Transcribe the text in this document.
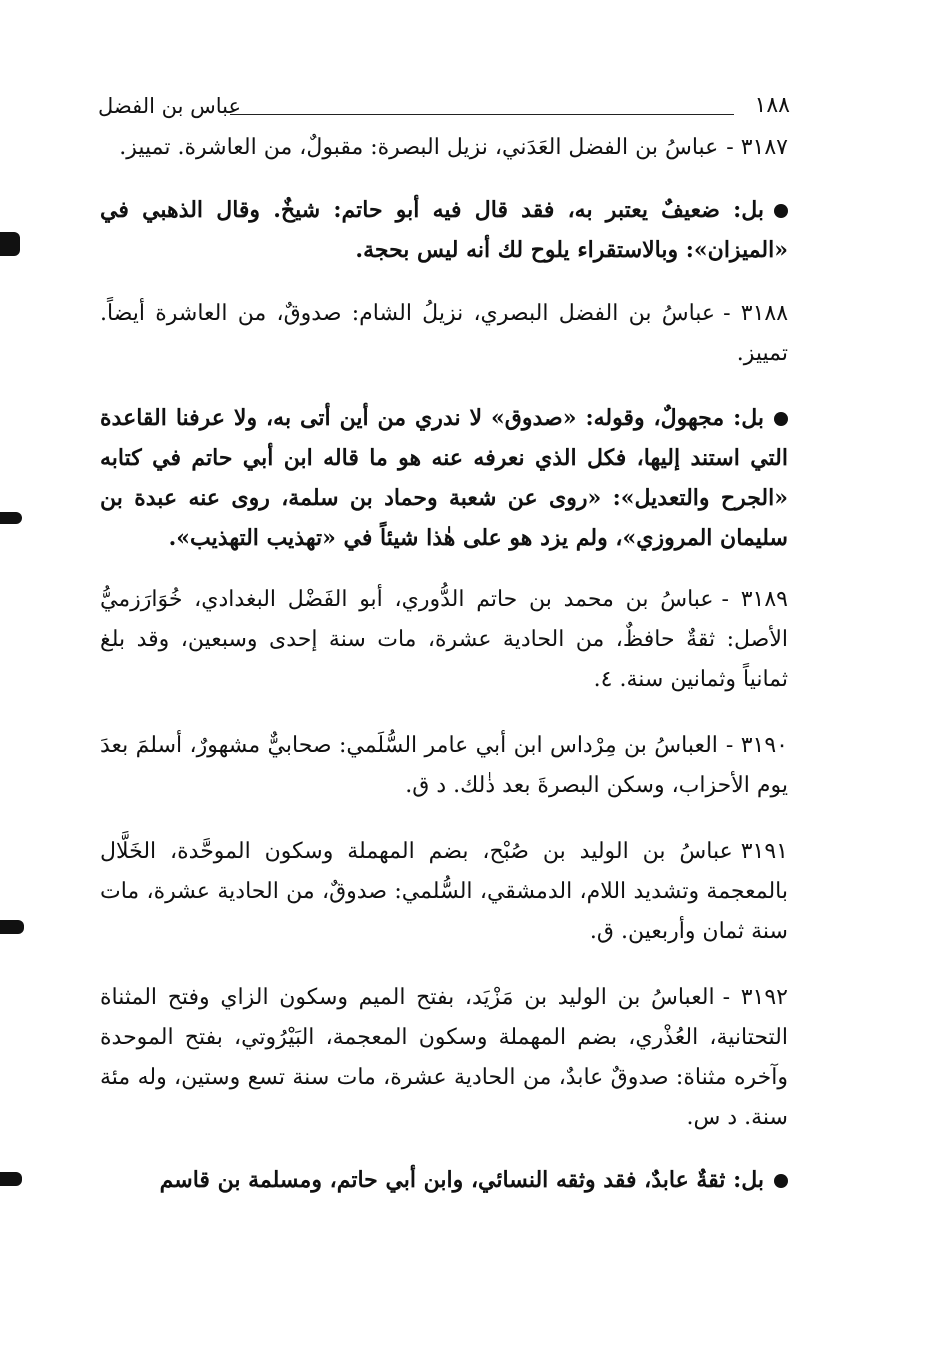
١٨٨
عباس بن الفضل

٣١٨٧ -عباسُ بن الفضل العَدَني، نزيل البصرة: مقبولٌ، من العاشرة. تمييز.

بل: ضعيفٌ يعتبر به، فقد قال فيه أبو حاتم: شيخٌ. وقال الذهبي في «الميزان»: وبالاستقراء يلوح لك أنه ليس بحجة.

٣١٨٨ -عباسُ بن الفضل البصري، نزيلُ الشام: صدوقٌ، من العاشرة أيضاً. تمييز.

بل: مجهولٌ، وقوله: «صدوق» لا ندري من أين أتى به، ولا عرفنا القاعدة التي استند إليها، فكل الذي نعرفه عنه هو ما قاله ابن أبي حاتم في كتابه «الجرح والتعديل»: «روى عن شعبة وحماد بن سلمة، روى عنه عبدة بن سليمان المروزي»، ولم يزد هو على هٰذا شيئاً في «تهذيب التهذيب».

٣١٨٩ -عباسُ بن محمد بن حاتم الدُّوري، أبو الفَضْل البغدادي، خُوَارَزميُّ الأصل: ثقةٌ حافظٌ، من الحادية عشرة، مات سنة إحدى وسبعين، وقد بلغ ثمانياً وثمانين سنة. ٤.

٣١٩٠ -العباسُ بن مِرْداس ابن أبي عامر السُّلَمي: صحابيٌّ مشهورٌ، أسلمَ بعدَ يوم الأحزاب، وسكن البصرةَ بعد ذٰلك. د ق.

٣١٩١عباسُ بن الوليد بن صُبْح، بضم المهملة وسكون الموحَّدة، الخَلَّال بالمعجمة وتشديد اللام، الدمشقي، السُّلمي: صدوقٌ، من الحادية عشرة، مات سنة ثمان وأربعين. ق.

٣١٩٢ -العباسُ بن الوليد بن مَزْيَد، بفتح الميم وسكون الزاي وفتح المثناة التحتانية، العُذْري، بضم المهملة وسكون المعجمة، البَيْرُوتي، بفتح الموحدة وآخره مثناة: صدوقٌ عابدٌ، من الحادية عشرة، مات سنة تسع وستين، وله مئة سنة. د س.

بل: ثقةٌ عابدٌ، فقد وثقه النسائي، وابن أبي حاتم، ومسلمة بن قاسم
